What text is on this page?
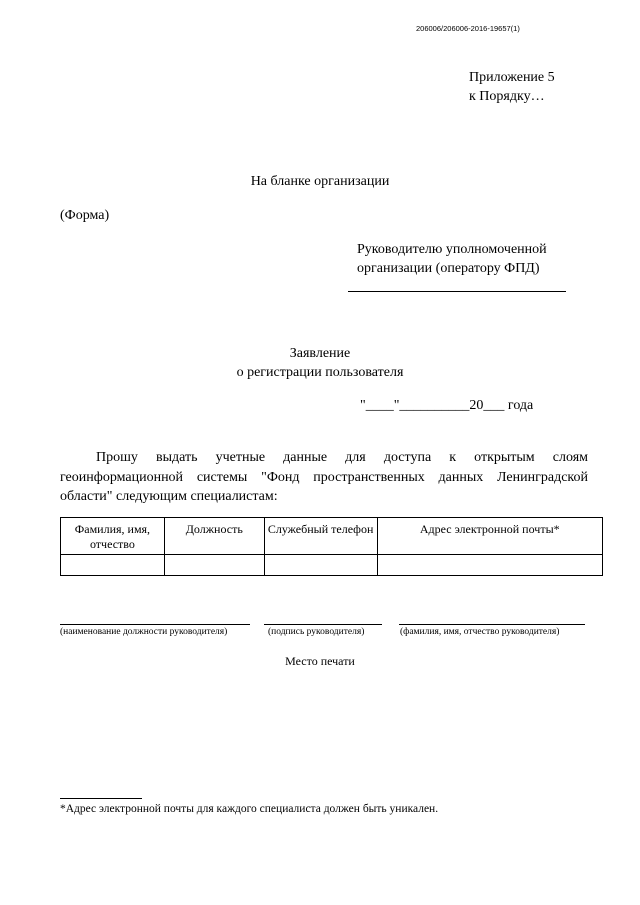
206006/206006-2016-19657(1)
Приложение 5
к Порядку…
На бланке организации
(Форма)
Руководителю уполномоченной
организации (оператору ФПД)
Заявление
о регистрации пользователя
"____"__________20___ года
Прошу выдать учетные данные для доступа к открытым слоям геоинформационной системы "Фонд пространственных данных Ленинградской области" следующим специалистам:
Фамилия, имя, отчество	Должность	Служебный телефон	Адрес электронной почты*

(наименование должности руководителя)	(подпись руководителя)	(фамилия, имя, отчество руководителя)
Место печати
*Адрес электронной почты для каждого специалиста должен быть уникален.
